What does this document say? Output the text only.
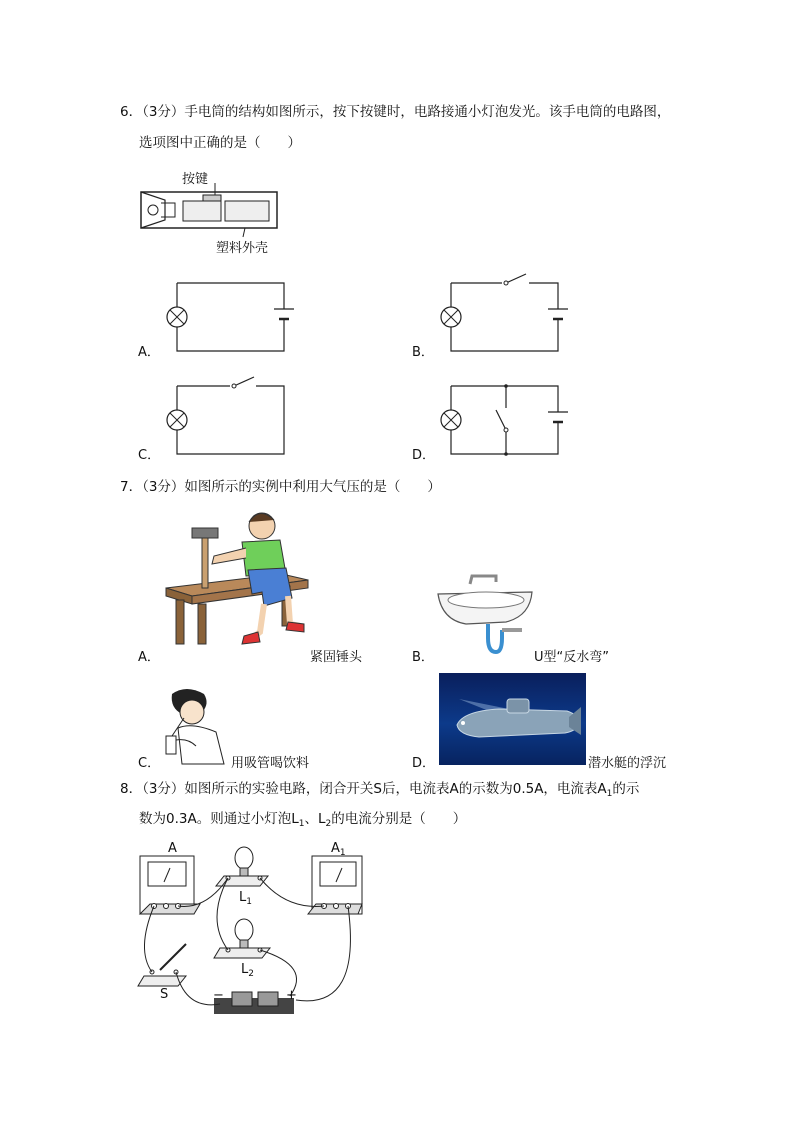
6．（3分）手电筒的结构如图所示，按下按键时，电路接通小灯泡发光。该手电筒的电路图，
选项图中正确的是（　　）
按键
塑料外壳
A．	B．
C．	D．
7．（3分）如图所示的实例中利用大气压的是（　　）
A．	紧固锤头	B．	U型“反水弯”
C．	用吸管喝饮料	D．	潜水艇的浮沉
8．（3分）如图所示的实验电路，闭合开关S后，电流表A的示数为0.5A，电流表$A_1$的示
数为0.3A。则通过小灯泡$L_1$、$L_2$的电流分别是（　　）
A	$A_1$
$L_1$
$L_2$
S	−	+
